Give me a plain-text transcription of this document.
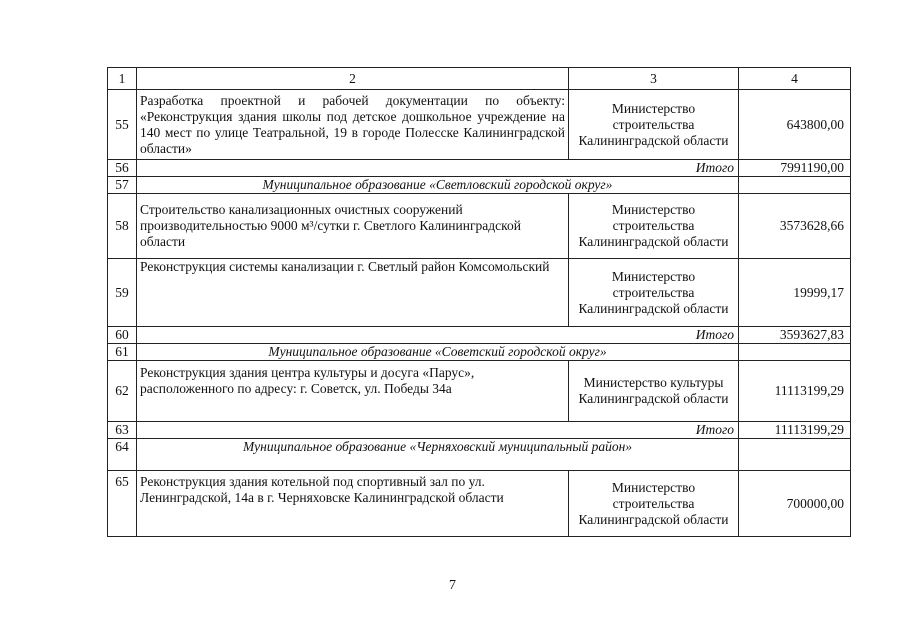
1	2	3	4
55	Разработка проектной и рабочей документации по объекту: «Реконструкция здания школы под детское дошкольное учреждение на 140 мест по улице Театральной, 19 в городе Полесске Калининградской области»	Министерство строительства Калининградской области	643800,00
56	Итого		7991190,00
57	Муниципальное образование «Светловский городской округ»		
58	Строительство канализационных очистных сооружений производительностью 9000 м³/сутки г. Светлого Калининградской области	Министерство строительства Калининградской области	3573628,66
59	Реконструкция системы канализации г. Светлый район Комсомольский	Министерство строительства Калининградской области	19999,17
60	Итого		3593627,83
61	Муниципальное образование «Советский городской округ»		
62	Реконструкция здания центра культуры и досуга «Парус», расположенного по адресу: г. Советск, ул. Победы 34а	Министерство культуры Калининградской области	11113199,29
63	Итого		11113199,29
64	Муниципальное образование «Черняховский муниципальный район»		
65	Реконструкция здания котельной под спортивный зал по ул. Ленинградской, 14а в г. Черняховске Калининградской области	Министерство строительства Калининградской области	700000,00
7
